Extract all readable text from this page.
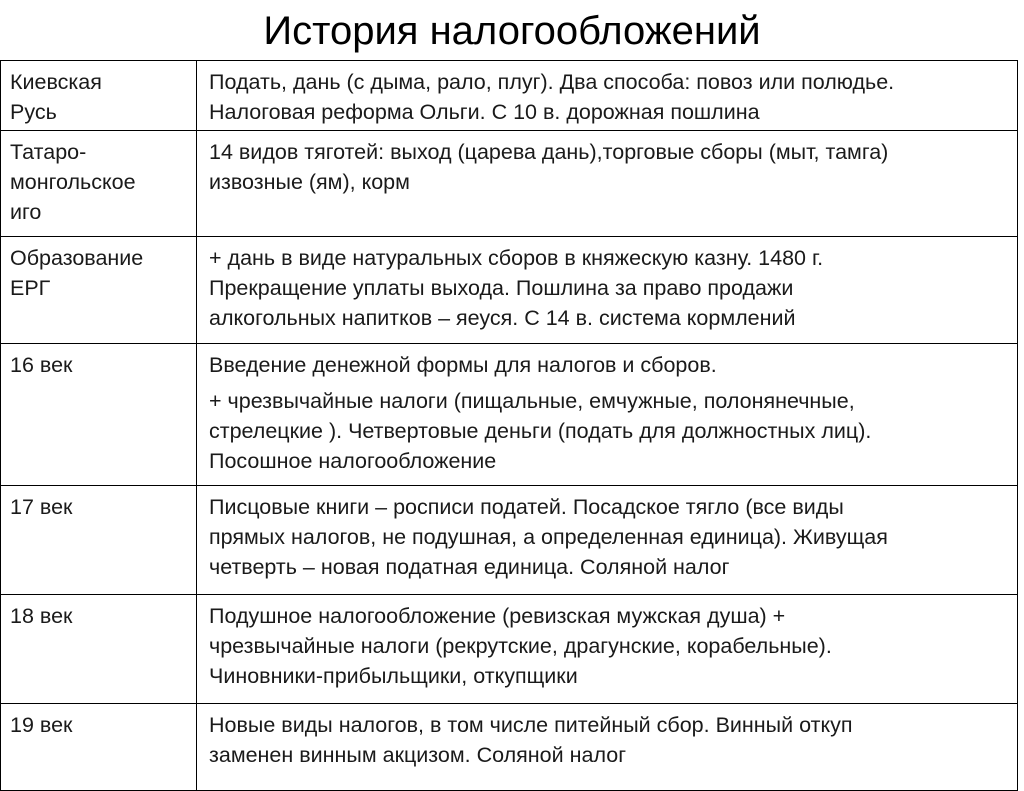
История налогообложений
Киевская
Русь	Подать, дань (с дыма, рало, плуг). Два способа: повоз или полюдье.
Налоговая реформа Ольги. С 10 в. дорожная пошлина

Татаро-
монгольское
иго	14 видов тяготей: выход (царева дань),торговые сборы (мыт, тамга)
извозные (ям), корм

Образование
ЕРГ	+ дань в виде натуральных сборов в княжескую казну. 1480 г.
Прекращение уплаты выхода. Пошлина за право продажи
алкогольных напитков – яеуся. С 14 в. система кормлений

16 век	Введение денежной формы для налогов и сборов.
+ чрезвычайные налоги (пищальные, емчужные, полонянечные,
стрелецкие ). Четвертовые деньги (подать для должностных лиц).
Посошное налогообложение

17 век	Писцовые книги – росписи податей. Посадское тягло (все виды
прямых налогов, не подушная, а определенная единица). Живущая
четверть – новая податная единица. Соляной налог

18 век	Подушное налогообложение (ревизская мужская душа) +
чрезвычайные налоги (рекрутские, драгунские, корабельные).
Чиновники-прибыльщики, откупщики

19 век	Новые виды налогов, в том числе питейный сбор. Винный откуп
заменен винным акцизом. Соляной налог
